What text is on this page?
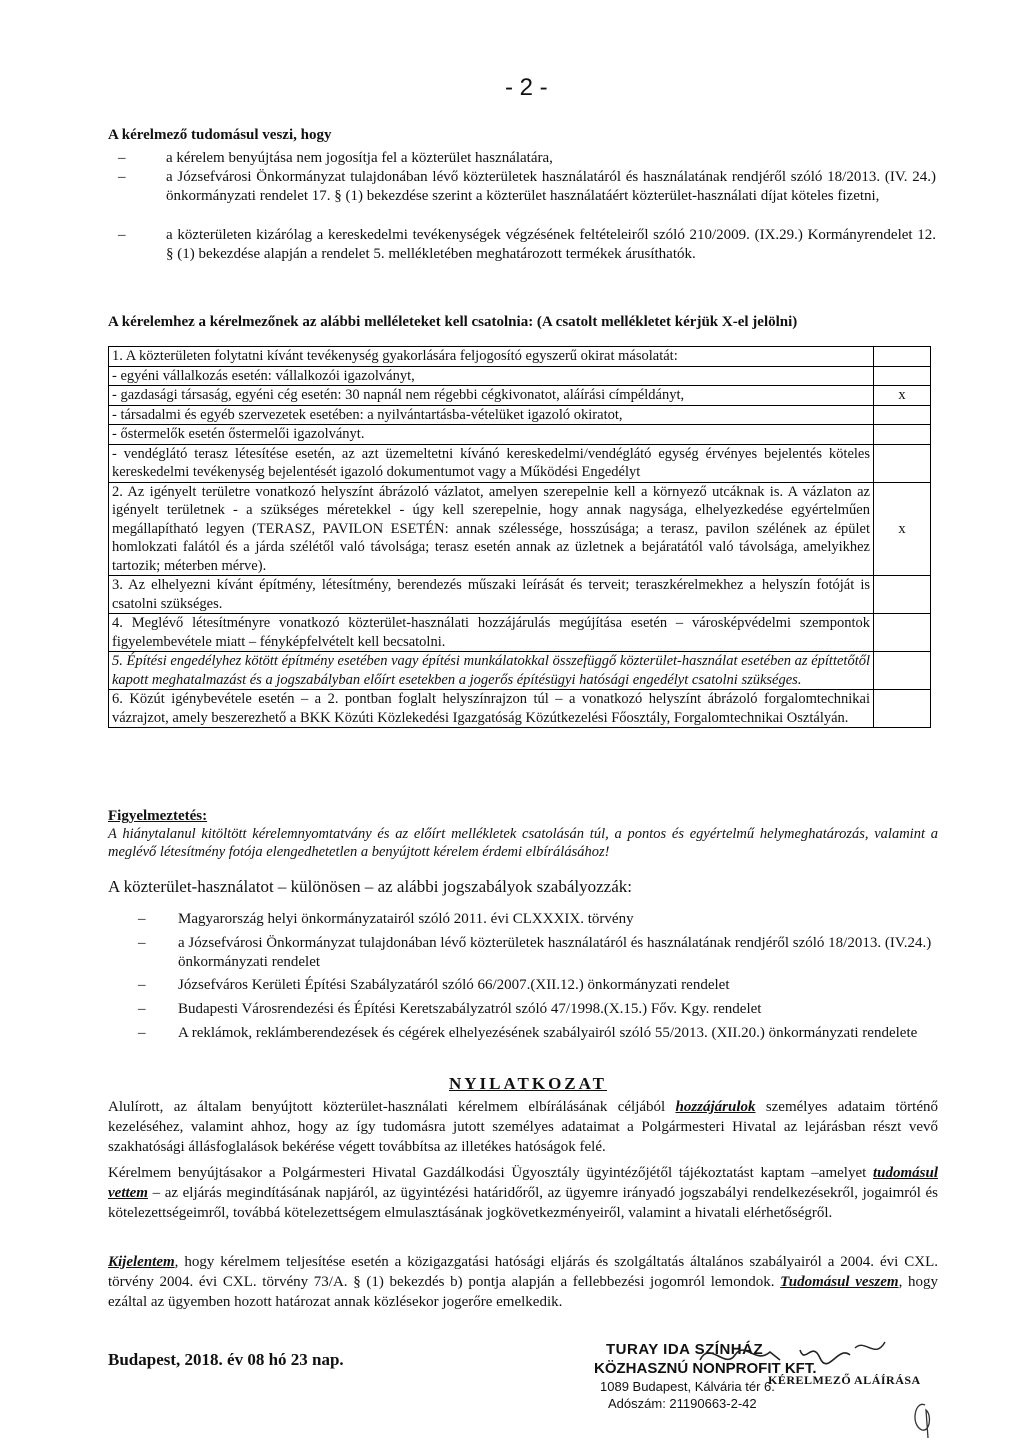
- 2 -
A kérelmező tudomásul veszi, hogy
–	a kérelem benyújtása nem jogosítja fel a közterület használatára,
–	a Józsefvárosi Önkormányzat tulajdonában lévő közterületek használatáról és használatának rendjéről szóló 18/2013. (IV. 24.) önkormányzati rendelet 17. § (1) bekezdése szerint a közterület használatáért közterület-használati díjat köteles fizetni,
–	a közterületen kizárólag a kereskedelmi tevékenységek végzésének feltételeiről szóló 210/2009. (IX.29.) Kormányrendelet 12. § (1) bekezdése alapján a rendelet 5. mellékletében meghatározott termékek árusíthatók.
A kérelemhez a kérelmezőnek az alábbi melléleteket kell csatolnia: (A csatolt mellékletet kérjük X-el jelölni)
1. A közterületen folytatni kívánt tevékenység gyakorlására feljogosító egyszerű okirat másolatát:	
- egyéni vállalkozás esetén: vállalkozói igazolványt,	
- gazdasági társaság, egyéni cég esetén: 30 napnál nem régebbi cégkivonatot, aláírási címpéldányt,	x
- társadalmi és egyéb szervezetek esetében: a nyilvántartásba-vételüket igazoló okiratot,	
- őstermelők esetén őstermelői igazolványt.	
- vendéglátó terasz létesítése esetén, az azt üzemeltetni kívánó kereskedelmi/vendéglátó egység érvényes bejelentés köteles kereskedelmi tevékenység bejelentését igazoló dokumentumot vagy a Működési Engedélyt	
2. Az igényelt területre vonatkozó helyszínt ábrázoló vázlatot, amelyen szerepelnie kell a környező utcáknak is. A vázlaton az igényelt területnek - a szükséges méretekkel - úgy kell szerepelnie, hogy annak nagysága, elhelyezkedése egyértelműen megállapítható legyen (TERASZ, PAVILON ESETÉN: annak szélessége, hosszúsága; a terasz, pavilon szélének az épület homlokzati falától és a járda szélétől való távolsága; terasz esetén annak az üzletnek a bejáratától való távolsága, amelyikhez tartozik; méterben mérve).	x
3. Az elhelyezni kívánt építmény, létesítmény, berendezés műszaki leírását és terveit; teraszkérelmekhez a helyszín fotóját is csatolni szükséges.	
4. Meglévő létesítményre vonatkozó közterület-használati hozzájárulás megújítása esetén – városképvédelmi szempontok figyelembevétele miatt – fényképfelvételt kell becsatolni.	
5. Építési engedélyhez kötött építmény esetében vagy építési munkálatokkal összefüggő közterület-használat esetében az építtetőtől kapott meghatalmazást és a jogszabályban előírt esetekben a jogerős építésügyi hatósági engedélyt csatolni szükséges.	
6. Közút igénybevétele esetén – a 2. pontban foglalt helyszínrajzon túl – a vonatkozó helyszínt ábrázoló forgalomtechnikai vázrajzot, amely beszerezhető a BKK Közúti Közlekedési Igazgatóság Közútkezelési Főosztály, Forgalomtechnikai Osztályán.	
Figyelmeztetés:
A hiánytalanul kitöltött kérelemnyomtatvány és az előírt mellékletek csatolásán túl, a pontos és egyértelmű helymeghatározás, valamint a meglévő létesítmény fotója elengedhetetlen a benyújtott kérelem érdemi elbírálásához!
A közterület-használatot – különösen – az alábbi jogszabályok szabályozzák:
– Magyarország helyi önkormányzatairól szóló 2011. évi CLXXXIX. törvény
– a Józsefvárosi Önkormányzat tulajdonában lévő közterületek használatáról és használatának rendjéről szóló 18/2013. (IV.24.) önkormányzati rendelet
– Józsefváros Kerületi Építési Szabályzatáról szóló 66/2007.(XII.12.) önkormányzati rendelet
– Budapesti Városrendezési és Építési Keretszabályzatról szóló 47/1998.(X.15.) Főv. Kgy. rendelet
– A reklámok, reklámberendezések és cégérek elhelyezésének szabályairól szóló 55/2013. (XII.20.) önkormányzati rendelete
NYILATKOZAT
Alulírott, az általam benyújtott közterület-használati kérelmem elbírálásának céljából hozzájárulok személyes adataim történő kezeléséhez, valamint ahhoz, hogy az így tudomásra jutott személyes adataimat a Polgármesteri Hivatal az lejárásban részt vevő szakhatósági állásfoglalások bekérése végett továbbítsa az illetékes hatóságok felé.
Kérelmem benyújtásakor a Polgármesteri Hivatal Gazdálkodási Ügyosztály ügyintézőjétől tájékoztatást kaptam –amelyet tudomásul vettem – az eljárás megindításának napjáról, az ügyintézési határidőről, az ügyemre irányadó jogszabályi rendelkezésekről, jogaimról és kötelezettségeimről, továbbá kötelezettségem elmulasztásának jogkövetkezményeiről, valamint a hivatali elérhetőségről.
Kijelentem, hogy kérelmem teljesítése esetén a közigazgatási hatósági eljárás és szolgáltatás általános szabályairól a 2004. évi CXL. törvény 2004. évi CXL. törvény 73/A. § (1) bekezdés b) pontja alapján a fellebbezési jogomról lemondok. Tudomásul veszem, hogy ezáltal az ügyemben hozott határozat annak közlésekor jogerőre emelkedik.
Budapest, 2018. év 08 hó 23 nap.
TURAY IDA SZÍNHÁZ
KÖZHASZNÚ NONPROFIT KFT.
1089 Budapest, Kálvária tér 6.
Adószám: 21190663-2-42
KÉRELMEZŐ ALÁÍRÁSA
